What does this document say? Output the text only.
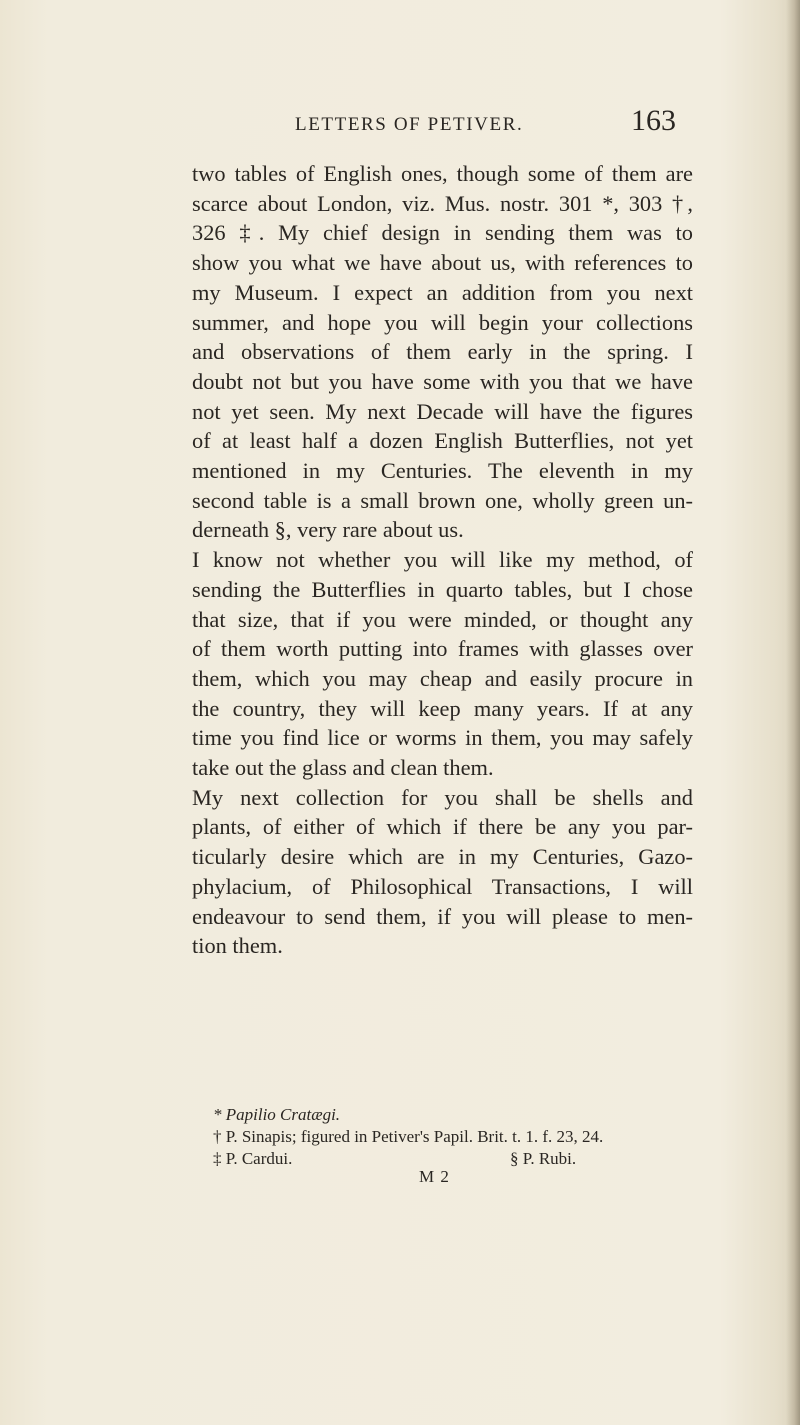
LETTERS OF PETIVER.	163
two tables of English ones, though some of them are
scarce about London, viz. Mus. nostr. 301 *, 303 †,
326 ‡. My chief design in sending them was to
show you what we have about us, with references to
my Museum. I expect an addition from you next
summer, and hope you will begin your collections
and observations of them early in the spring. I
doubt not but you have some with you that we have
not yet seen. My next Decade will have the figures
of at least half a dozen English Butterflies, not yet
mentioned in my Centuries. The eleventh in my
second table is a small brown one, wholly green un-
derneath §, very rare about us.
I know not whether you will like my method, of
sending the Butterflies in quarto tables, but I chose
that size, that if you were minded, or thought any
of them worth putting into frames with glasses over
them, which you may cheap and easily procure in
the country, they will keep many years. If at any
time you find lice or worms in them, you may safely
take out the glass and clean them.
My next collection for you shall be shells and
plants, of either of which if there be any you par-
ticularly desire which are in my Centuries, Gazo-
phylacium, of Philosophical Transactions, I will
endeavour to send them, if you will please to men-
tion them.
* Papilio Cratægi.
† P. Sinapis; figured in Petiver's Papil. Brit. t. 1. f. 23, 24.
‡ P. Cardui.	§ P. Rubi.
M 2
